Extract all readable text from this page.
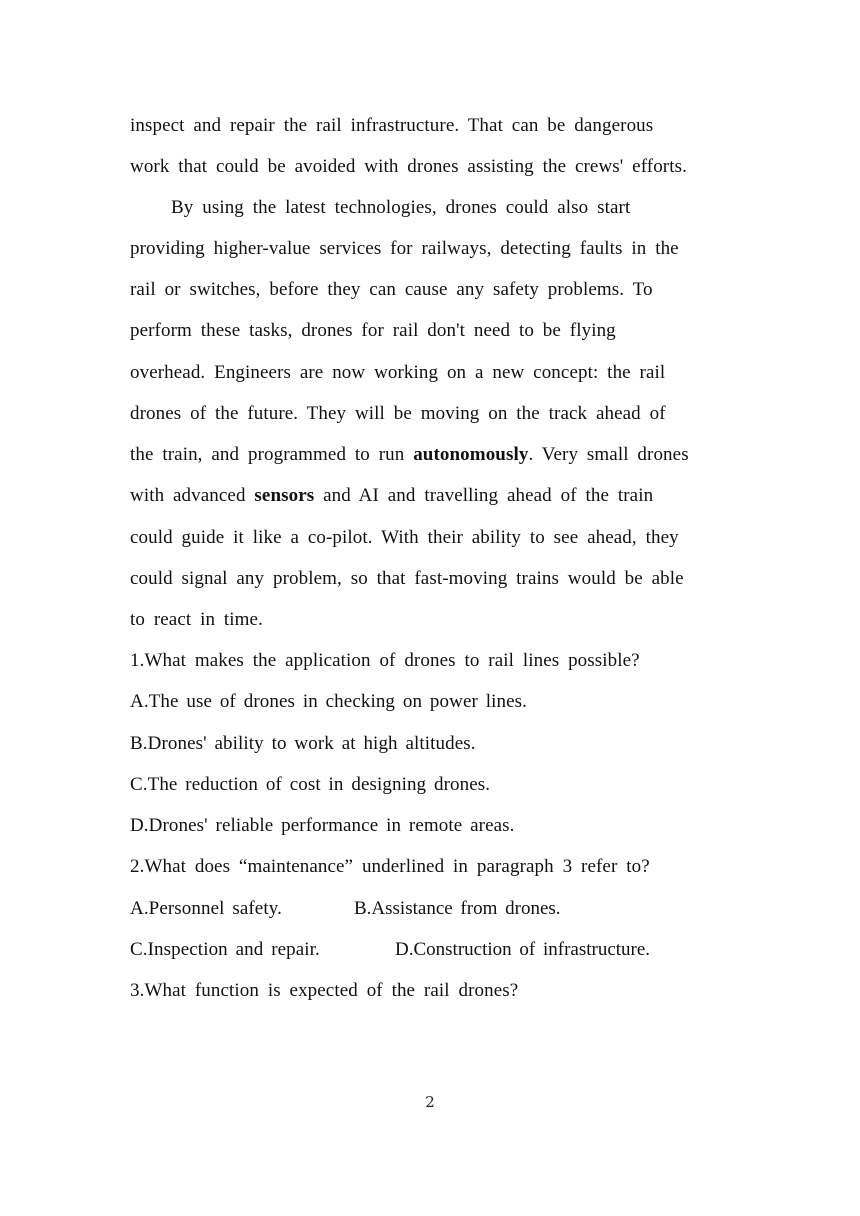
inspect and repair the rail infrastructure. That can be dangerous
work that could be avoided with drones assisting the crews' efforts.
By using the latest technologies, drones could also start
providing higher-value services for railways, detecting faults in the
rail or switches, before they can cause any safety problems. To
perform these tasks, drones for rail don't need to be flying
overhead. Engineers are now working on a new concept: the rail
drones of the future. They will be moving on the track ahead of
the train, and programmed to run autonomously. Very small drones
with advanced sensors and AI and travelling ahead of the train
could guide it like a co-pilot. With their ability to see ahead, they
could signal any problem, so that fast-moving trains would be able
to react in time.
1.What makes the application of drones to rail lines possible?
A.The use of drones in checking on power lines.
B.Drones' ability to work at high altitudes.
C.The reduction of cost in designing drones.
D.Drones' reliable performance in remote areas.
2.What does “maintenance” underlined in paragraph 3 refer to?
A.Personnel safety.	B.Assistance from drones.
C.Inspection and repair.	D.Construction of infrastructure.
3.What function is expected of the rail drones?
2
